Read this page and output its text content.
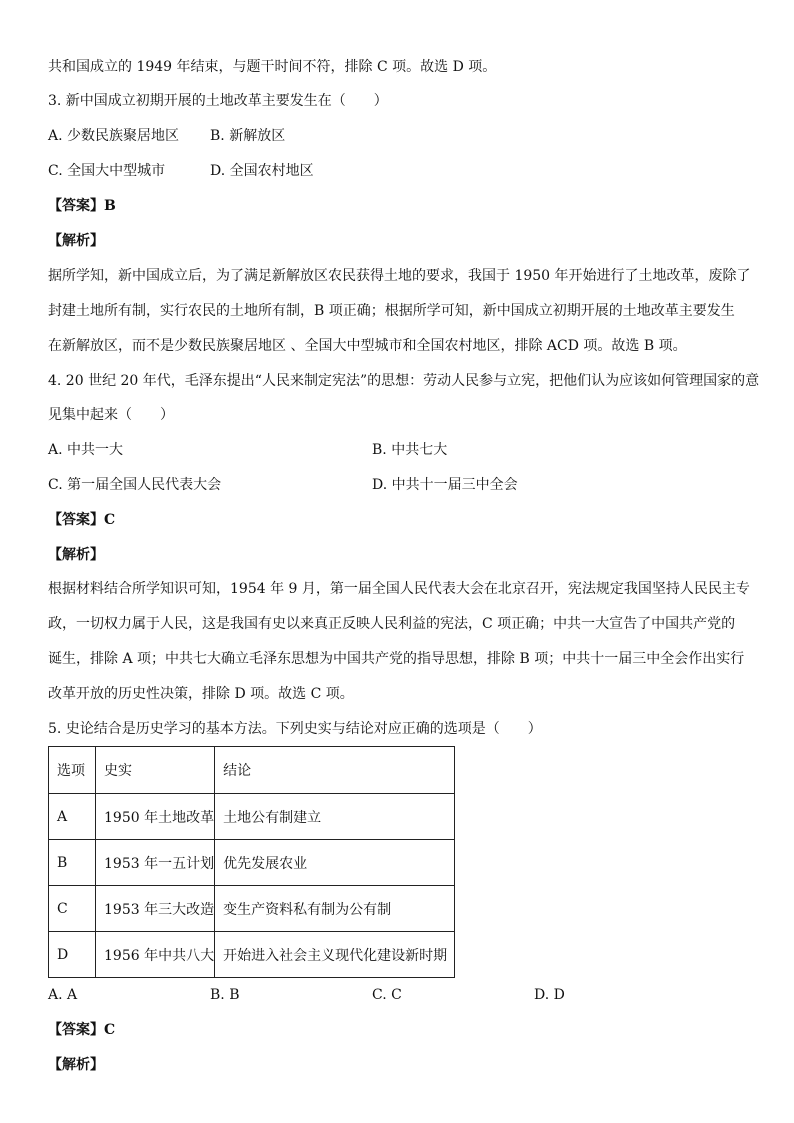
共和国成立的 1949 年结束，与题干时间不符，排除 C 项。故选 D 项。
3. 新中国成立初期开展的土地改革主要发生在（　　）
A. 少数民族聚居地区 B. 新解放区
C. 全国大中型城市	D. 全国农村地区
【答案】B
【解析】
据所学知，新中国成立后，为了满足新解放区农民获得土地的要求，我国于 1950 年开始进行了土地改革，废除了
封建土地所有制，实行农民的土地所有制，B 项正确；根据所学可知，新中国成立初期开展的土地改革主要发生
在新解放区，而不是少数民族聚居地区 、全国大中型城市和全国农村地区，排除 ACD 项。故选 B 项。
4. 20 世纪 20 年代，毛泽东提出“人民来制定宪法”的思想：劳动人民参与立宪，把他们认为应该如何管理国家的意
见集中起来（　　）
A. 中共一大	B. 中共七大
C. 第一届全国人民代表大会	D. 中共十一届三中全会
【答案】C
【解析】
根据材料结合所学知识可知，1954 年 9 月，第一届全国人民代表大会在北京召开，宪法规定我国坚持人民民主专
政，一切权力属于人民，这是我国有史以来真正反映人民利益的宪法，C 项正确；中共一大宣告了中国共产党的
诞生，排除 A 项；中共七大确立毛泽东思想为中国共产党的指导思想，排除 B 项；中共十一届三中全会作出实行
改革开放的历史性决策，排除 D 项。故选 C 项。
5. 史论结合是历史学习的基本方法。下列史实与结论对应正确的选项是（　　）
选项	史实	结论
A	1950 年土地改革	土地公有制建立
B	1953 年一五计划	优先发展农业
C	1953 年三大改造	变生产资料私有制为公有制
D	1956 年中共八大	开始进入社会主义现代化建设新时期
A. A	B. B	C. C	D. D
【答案】C
【解析】
